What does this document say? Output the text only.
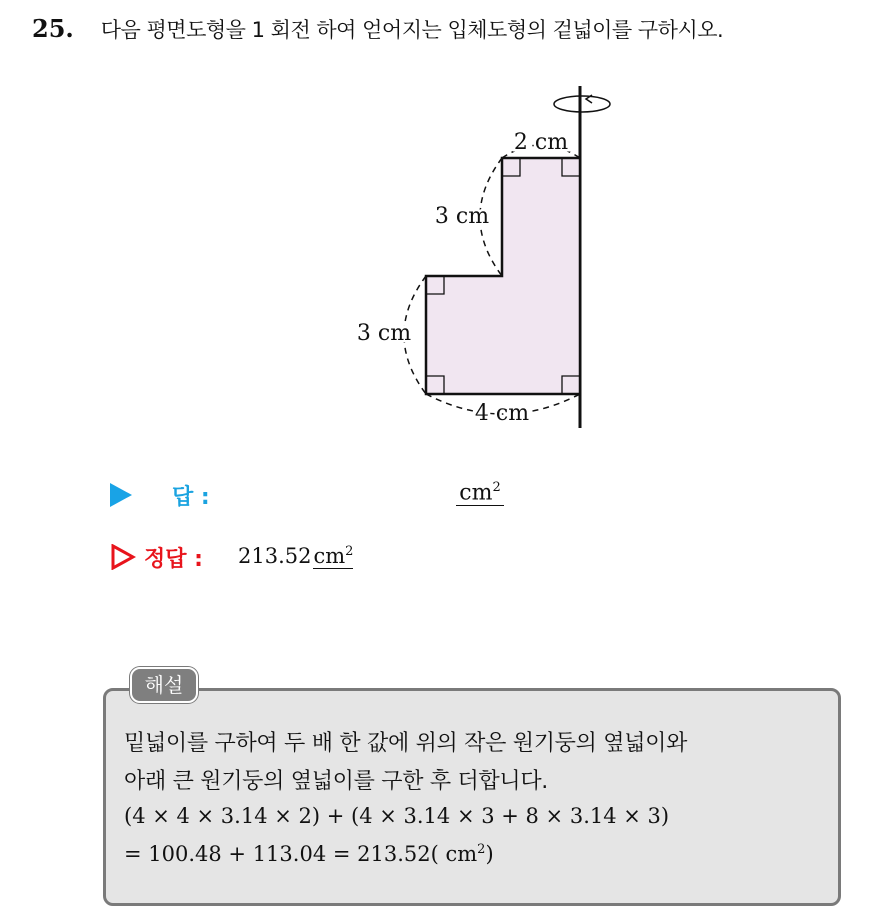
25. 다음 평면도형을 1 회전 하여 얻어지는 입체도형의 겉넓이를 구하시오.
2 cm
3 cm
3 cm
4 cm
답 :	$cm^2$
정답 : $213.52cm^2$
해설
밑넓이를 구하여 두 배 한 값에 위의 작은 원기둥의 옆넓이와
아래 큰 원기둥의 옆넓이를 구한 후 더합니다.
(4 × 4 × 3.14 × 2) + (4 × 3.14 × 3 + 8 × 3.14 × 3)
= 100.48 + 113.04 = 213.52( $cm^2$)
